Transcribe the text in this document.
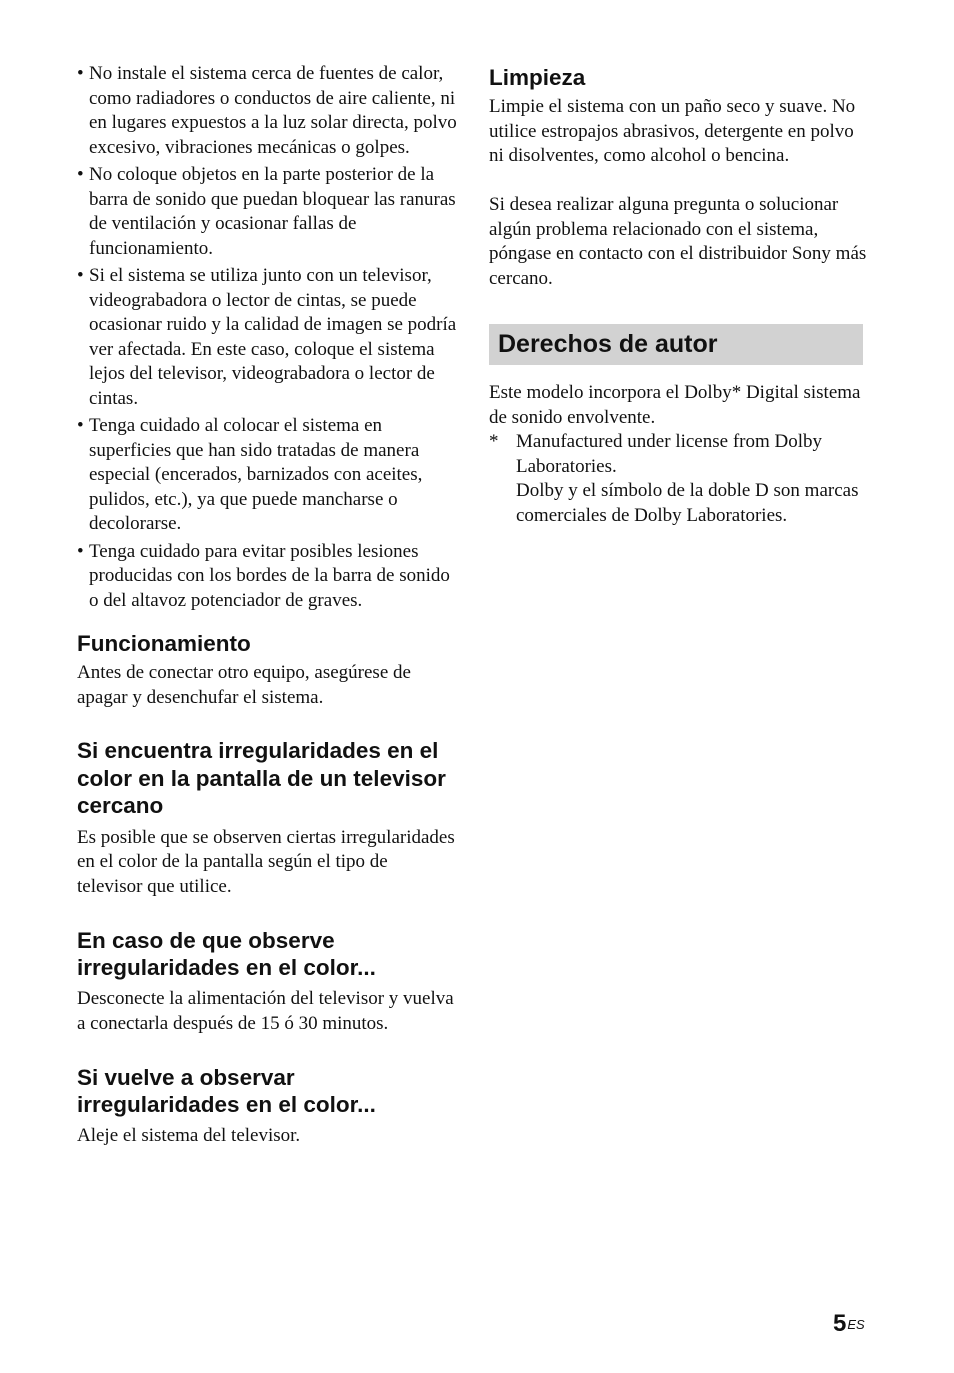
• No instale el sistema cerca de fuentes de calor, como radiadores o conductos de aire caliente, ni en lugares expuestos a la luz solar directa, polvo excesivo, vibraciones mecánicas o golpes.
• No coloque objetos en la parte posterior de la barra de sonido que puedan bloquear las ranuras de ventilación y ocasionar fallas de funcionamiento.
• Si el sistema se utiliza junto con un televisor, videograbadora o lector de cintas, se puede ocasionar ruido y la calidad de imagen se podría ver afectada. En este caso, coloque el sistema lejos del televisor, videograbadora o lector de cintas.
• Tenga cuidado al colocar el sistema en superficies que han sido tratadas de manera especial (encerados, barnizados con aceites, pulidos, etc.), ya que puede mancharse o decolorarse.
• Tenga cuidado para evitar posibles lesiones producidas con los bordes de la barra de sonido o del altavoz potenciador de graves.
Funcionamiento

Antes de conectar otro equipo, asegúrese de apagar y desenchufar el sistema.

Si encuentra irregularidades en el color en la pantalla de un televisor cercano

Es posible que se observen ciertas irregularidades en el color de la pantalla según el tipo de televisor que utilice.

En caso de que observe irregularidades en el color...

Desconecte la alimentación del televisor y vuelva a conectarla después de 15 ó 30 minutos.

Si vuelve a observar irregularidades en el color...

Aleje el sistema del televisor.

Limpieza

Limpie el sistema con un paño seco y suave. No utilice estropajos abrasivos, detergente en polvo ni disolventes, como alcohol o bencina.

Si desea realizar alguna pregunta o solucionar algún problema relacionado con el sistema, póngase en contacto con el distribuidor Sony más cercano.

Derechos de autor

Este modelo incorpora el Dolby* Digital sistema de sonido envolvente.

* Manufactured under license from Dolby Laboratories.

Dolby y el símbolo de la doble D son marcas comerciales de Dolby Laboratories.

$5^{ES}$
